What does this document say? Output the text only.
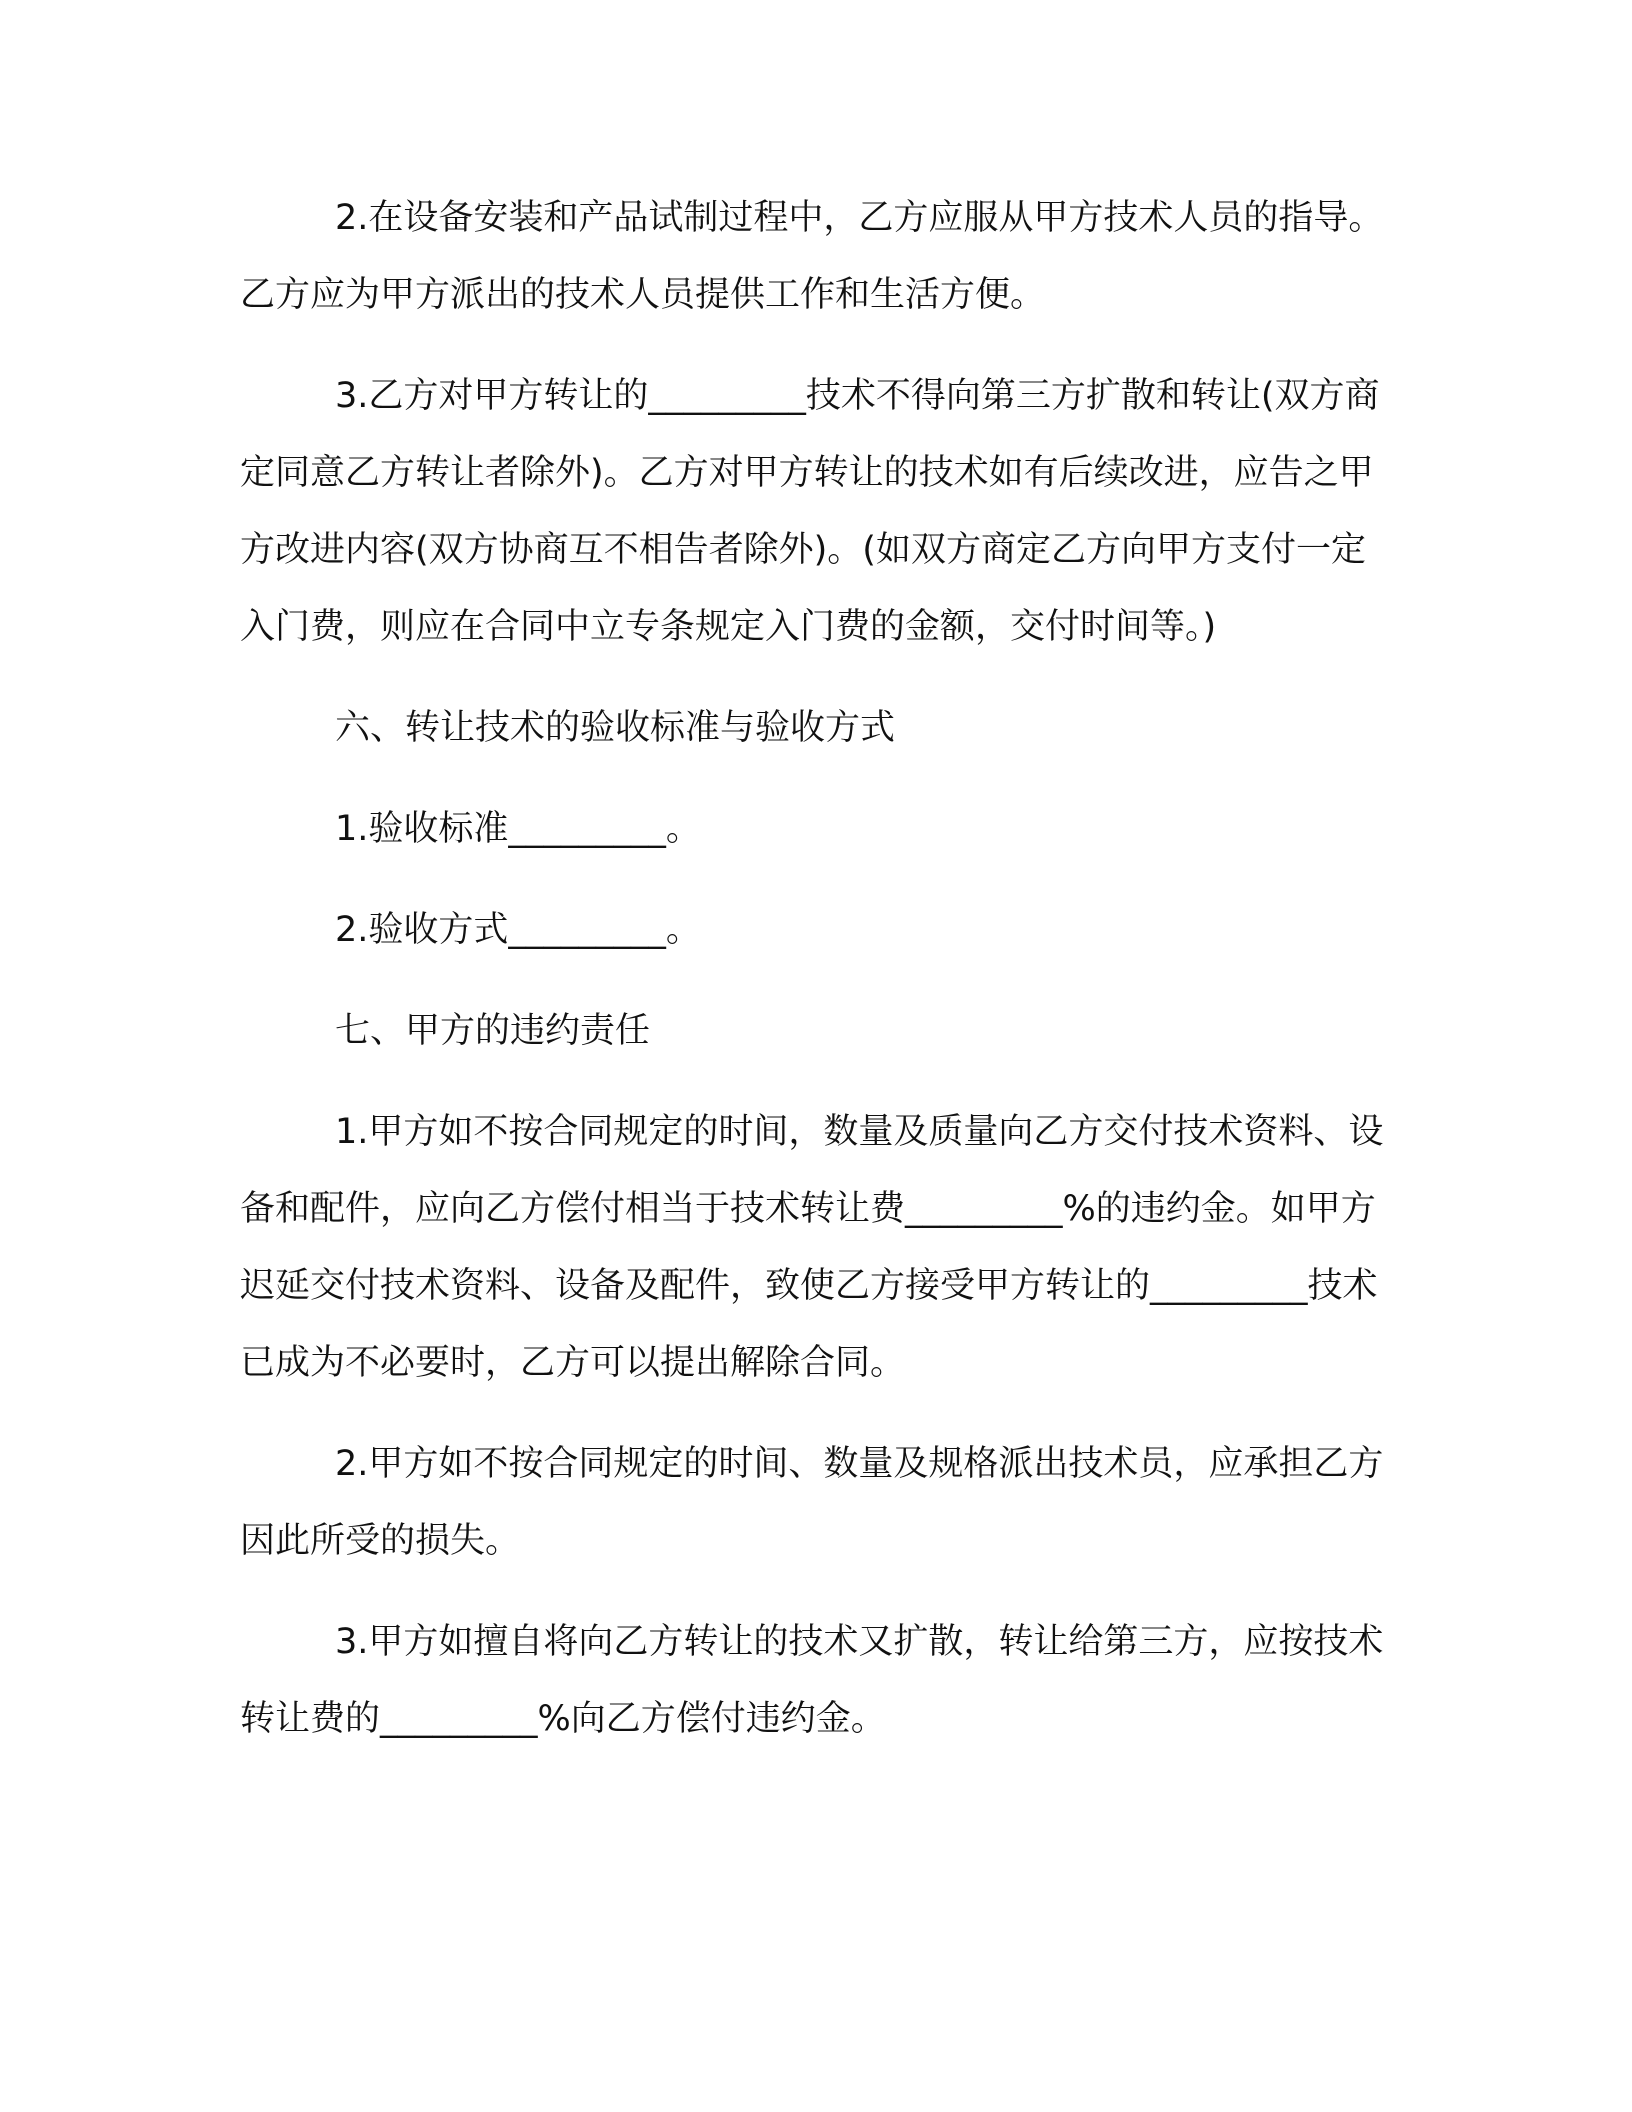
2.在设备安装和产品试制过程中，乙方应服从甲方技术人员的指导。乙方应为甲方派出的技术人员提供工作和生活方便。

3.乙方对甲方转让的_________技术不得向第三方扩散和转让(双方商定同意乙方转让者除外)。乙方对甲方转让的技术如有后续改进，应告之甲方改进内容(双方协商互不相告者除外)。(如双方商定乙方向甲方支付一定入门费，则应在合同中立专条规定入门费的金额，交付时间等。)

六、转让技术的验收标准与验收方式

1.验收标准_________。

2.验收方式_________。

七、甲方的违约责任

1.甲方如不按合同规定的时间，数量及质量向乙方交付技术资料、设备和配件，应向乙方偿付相当于技术转让费_________%的违约金。如甲方迟延交付技术资料、设备及配件，致使乙方接受甲方转让的_________技术已成为不必要时，乙方可以提出解除合同。

2.甲方如不按合同规定的时间、数量及规格派出技术员，应承担乙方因此所受的损失。

3.甲方如擅自将向乙方转让的技术又扩散，转让给第三方，应按技术转让费的_________%向乙方偿付违约金。
